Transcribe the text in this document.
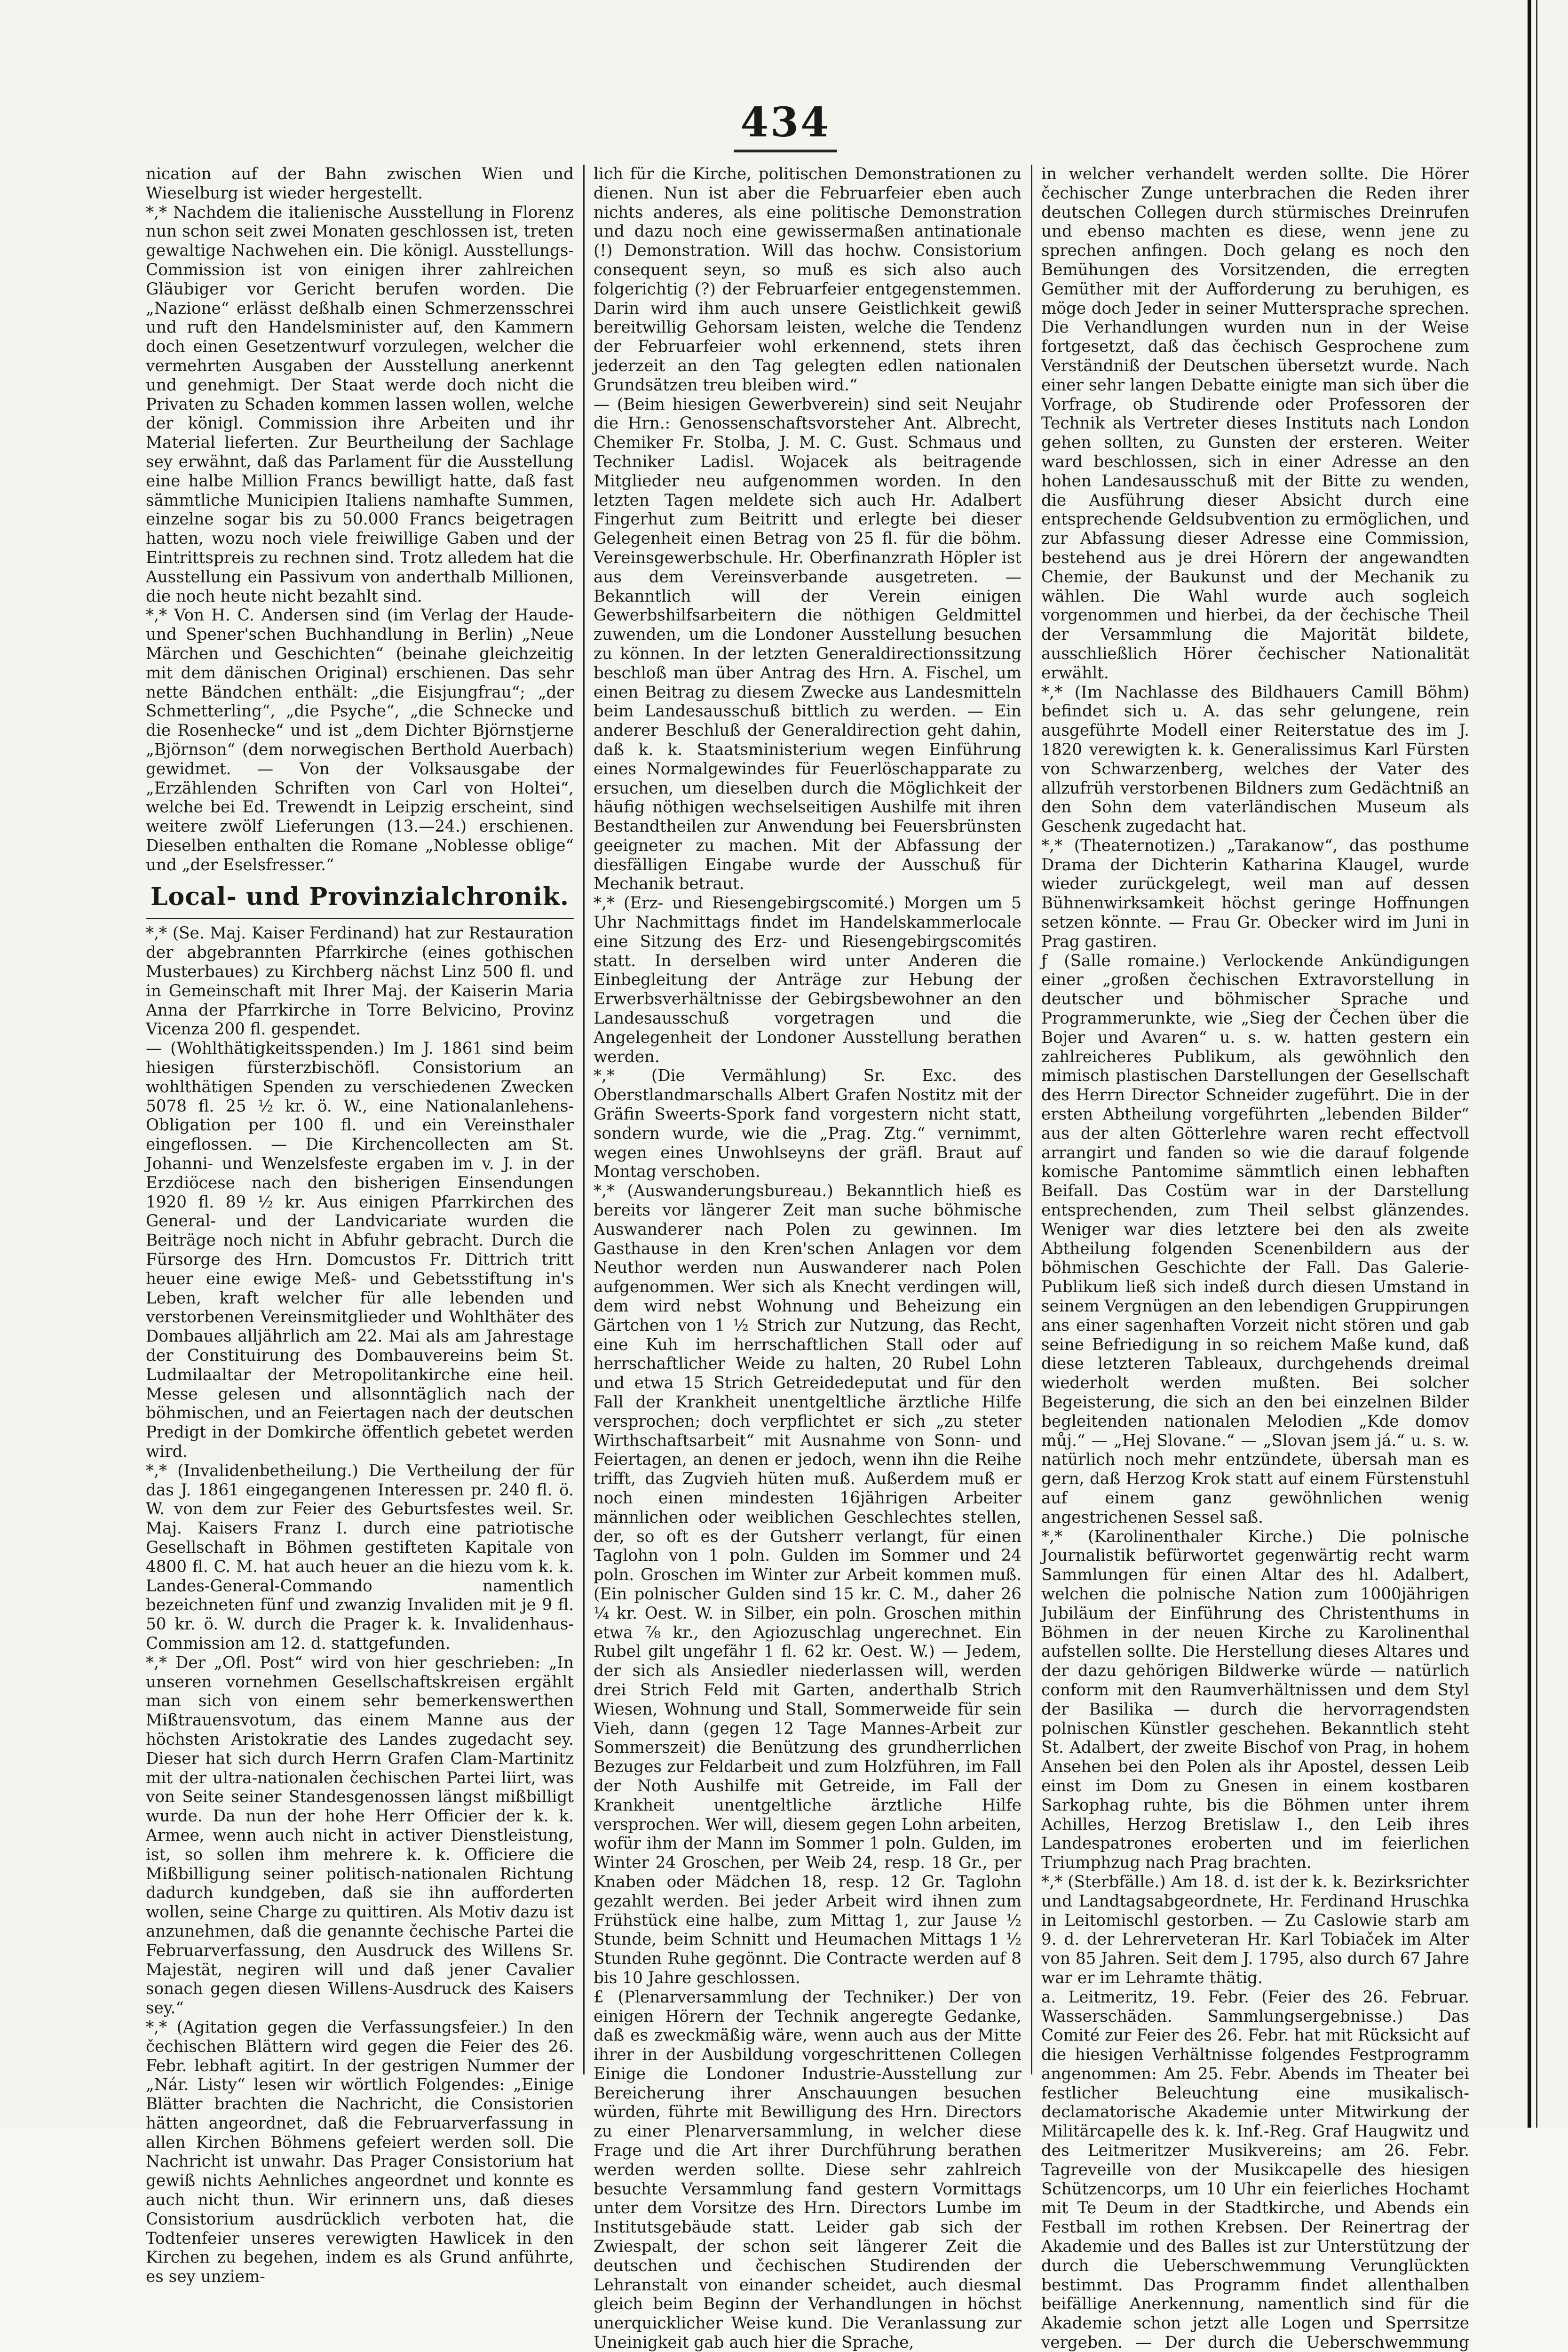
434

nication auf der Bahn zwischen Wien und Wieselburg ist wieder hergestellt.

*,* Nachdem die italienische Ausstellung in Florenz nun schon seit zwei Monaten geschlossen ist, treten gewaltige Nachwehen ein. Die königl. Ausstellungs-Commission ist von einigen ihrer zahlreichen Gläubiger vor Gericht berufen worden. Die „Nazione“ erlässt deßhalb einen Schmerzensschrei und ruft den Handelsminister auf, den Kammern doch einen Gesetzentwurf vorzulegen, welcher die vermehrten Ausgaben der Ausstellung anerkennt und genehmigt. Der Staat werde doch nicht die Privaten zu Schaden kommen lassen wollen, welche der königl. Commission ihre Arbeiten und ihr Material lieferten. Zur Beurtheilung der Sachlage sey erwähnt, daß das Parlament für die Ausstellung eine halbe Million Francs bewilligt hatte, daß fast sämmtliche Municipien Italiens namhafte Summen, einzelne sogar bis zu 50.000 Francs beigetragen hatten, wozu noch viele freiwillige Gaben und der Eintrittspreis zu rechnen sind. Trotz alledem hat die Ausstellung ein Passivum von anderthalb Millionen, die noch heute nicht bezahlt sind.

*,* Von H. C. Andersen sind (im Verlag der Haude- und Spener'schen Buchhandlung in Berlin) „Neue Märchen und Geschichten“ (beinahe gleichzeitig mit dem dänischen Original) erschienen. Das sehr nette Bändchen enthält: „die Eisjungfrau“; „der Schmetterling“, „die Psyche“, „die Schnecke und die Rosenhecke“ und ist „dem Dichter Björnstjerne „Björnson“ (dem norwegischen Berthold Auerbach) gewidmet. — Von der Volksausgabe der „Erzählenden Schriften von Carl von Holtei“, welche bei Ed. Trewendt in Leipzig erscheint, sind weitere zwölf Lieferungen (13.—24.) erschienen. Dieselben enthalten die Romane „Noblesse oblige“ und „der Eselsfresser.“

Local- und Provinzialchronik.

*,* (Se. Maj. Kaiser Ferdinand) hat zur Restauration der abgebrannten Pfarrkirche (eines gothischen Musterbaues) zu Kirchberg nächst Linz 500 fl. und in Gemeinschaft mit Ihrer Maj. der Kaiserin Maria Anna der Pfarrkirche in Torre Belvicino, Provinz Vicenza 200 fl. gespendet.

— (Wohlthätigkeitsspenden.) Im J. 1861 sind beim hiesigen fürsterzbischöfl. Consistorium an wohlthätigen Spenden zu verschiedenen Zwecken 5078 fl. 25 ½ kr. ö. W., eine Nationalanlehens-Obligation per 100 fl. und ein Vereinsthaler eingeflossen. — Die Kirchencollecten am St. Johanni- und Wenzelsfeste ergaben im v. J. in der Erzdiöcese nach den bisherigen Einsendungen 1920 fl. 89 ½ kr. Aus einigen Pfarrkirchen des General- und der Landvicariate wurden die Beiträge noch nicht in Abfuhr gebracht. Durch die Fürsorge des Hrn. Domcustos Fr. Dittrich tritt heuer eine ewige Meß- und Gebetsstiftung in's Leben, kraft welcher für alle lebenden und verstorbenen Vereinsmitglieder und Wohlthäter des Dombaues alljährlich am 22. Mai als am Jahrestage der Constituirung des Dombauvereins beim St. Ludmilaaltar der Metropolitankirche eine heil. Messe gelesen und allsonntäglich nach der böhmischen, und an Feiertagen nach der deutschen Predigt in der Domkirche öffentlich gebetet werden wird.

*,* (Invalidenbetheilung.) Die Vertheilung der für das J. 1861 eingegangenen Interessen pr. 240 fl. ö. W. von dem zur Feier des Geburtsfestes weil. Sr. Maj. Kaisers Franz I. durch eine patriotische Gesellschaft in Böhmen gestifteten Kapitale von 4800 fl. C. M. hat auch heuer an die hiezu vom k. k. Landes-General-Commando namentlich bezeichneten fünf und zwanzig Invaliden mit je 9 fl. 50 kr. ö. W. durch die Prager k. k. Invalidenhaus-Commission am 12. d. stattgefunden.

*,* Der „Ofl. Post“ wird von hier geschrieben: „In unseren vornehmen Gesellschaftskreisen ergählt man sich von einem sehr bemerkenswerthen Mißtrauensvotum, das einem Manne aus der höchsten Aristokratie des Landes zugedacht sey. Dieser hat sich durch Herrn Grafen Clam-Martinitz mit der ultra-nationalen čechischen Partei liirt, was von Seite seiner Standesgenossen längst mißbilligt wurde. Da nun der hohe Herr Officier der k. k. Armee, wenn auch nicht in activer Dienstleistung, ist, so sollen ihm mehrere k. k. Officiere die Mißbilligung seiner politisch-nationalen Richtung dadurch kundgeben, daß sie ihn aufforderten wollen, seine Charge zu quittiren. Als Motiv dazu ist anzunehmen, daß die genannte čechische Partei die Februarverfassung, den Ausdruck des Willens Sr. Majestät, negiren will und daß jener Cavalier sonach gegen diesen Willens-Ausdruck des Kaisers sey.“

*,* (Agitation gegen die Verfassungsfeier.) In den čechischen Blättern wird gegen die Feier des 26. Febr. lebhaft agitirt. In der gestrigen Nummer der „Nár. Listy“ lesen wir wörtlich Folgendes: „Einige Blätter brachten die Nachricht, die Consistorien hätten angeordnet, daß die Februarverfassung in allen Kirchen Böhmens gefeiert werden soll. Die Nachricht ist unwahr. Das Prager Consistorium hat gewiß nichts Aehnliches angeordnet und konnte es auch nicht thun. Wir erinnern uns, daß dieses Consistorium ausdrücklich verboten hat, die Todtenfeier unseres verewigten Hawlicek in den Kirchen zu begehen, indem es als Grund anführte, es sey unziem-

lich für die Kirche, politischen Demonstrationen zu dienen. Nun ist aber die Februarfeier eben auch nichts anderes, als eine politische Demonstration und dazu noch eine gewissermaßen antinationale (!) Demonstration. Will das hochw. Consistorium consequent seyn, so muß es sich also auch folgerichtig (?) der Februarfeier entgegenstemmen. Darin wird ihm auch unsere Geistlichkeit gewiß bereitwillig Gehorsam leisten, welche die Tendenz der Februarfeier wohl erkennend, stets ihren jederzeit an den Tag gelegten edlen nationalen Grundsätzen treu bleiben wird.“

— (Beim hiesigen Gewerbverein) sind seit Neujahr die Hrn.: Genossenschaftsvorsteher Ant. Albrecht, Chemiker Fr. Stolba, J. M. C. Gust. Schmaus und Techniker Ladisl. Wojacek als beitragende Mitglieder neu aufgenommen worden. In den letzten Tagen meldete sich auch Hr. Adalbert Fingerhut zum Beitritt und erlegte bei dieser Gelegenheit einen Betrag von 25 fl. für die böhm. Vereinsgewerbschule. Hr. Oberfinanzrath Höpler ist aus dem Vereinsverbande ausgetreten. — Bekanntlich will der Verein einigen Gewerbshilfsarbeitern die nöthigen Geldmittel zuwenden, um die Londoner Ausstellung besuchen zu können. In der letzten Generaldirectionssitzung beschloß man über Antrag des Hrn. A. Fischel, um einen Beitrag zu diesem Zwecke aus Landesmitteln beim Landesausschuß bittlich zu werden. — Ein anderer Beschluß der Generaldirection geht dahin, daß k. k. Staatsministerium wegen Einführung eines Normalgewindes für Feuerlöschapparate zu ersuchen, um dieselben durch die Möglichkeit der häufig nöthigen wechselseitigen Aushilfe mit ihren Bestandtheilen zur Anwendung bei Feuersbrünsten geeigneter zu machen. Mit der Abfassung der diesfälligen Eingabe wurde der Ausschuß für Mechanik betraut.

*,* (Erz- und Riesengebirgscomité.) Morgen um 5 Uhr Nachmittags findet im Handelskammerlocale eine Sitzung des Erz- und Riesengebirgscomités statt. In derselben wird unter Anderen die Einbegleitung der Anträge zur Hebung der Erwerbsverhältnisse der Gebirgsbewohner an den Landesausschuß vorgetragen und die Angelegenheit der Londoner Ausstellung berathen werden.

*,* (Die Vermählung) Sr. Exc. des Oberstlandmarschalls Albert Grafen Nostitz mit der Gräfin Sweerts-Spork fand vorgestern nicht statt, sondern wurde, wie die „Prag. Ztg.“ vernimmt, wegen eines Unwohlseyns der gräfl. Braut auf Montag verschoben.

*,* (Auswanderungsbureau.) Bekanntlich hieß es bereits vor längerer Zeit man suche böhmische Auswanderer nach Polen zu gewinnen. Im Gasthause in den Kren'schen Anlagen vor dem Neuthor werden nun Auswanderer nach Polen aufgenommen. Wer sich als Knecht verdingen will, dem wird nebst Wohnung und Beheizung ein Gärtchen von 1 ½ Strich zur Nutzung, das Recht, eine Kuh im herrschaftlichen Stall oder auf herrschaftlicher Weide zu halten, 20 Rubel Lohn und etwa 15 Strich Getreidedeputat und für den Fall der Krankheit unentgeltliche ärztliche Hilfe versprochen; doch verpflichtet er sich „zu steter Wirthschaftsarbeit“ mit Ausnahme von Sonn- und Feiertagen, an denen er jedoch, wenn ihn die Reihe trifft, das Zugvieh hüten muß. Außerdem muß er noch einen mindesten 16jährigen Arbeiter männlichen oder weiblichen Geschlechtes stellen, der, so oft es der Gutsherr verlangt, für einen Taglohn von 1 poln. Gulden im Sommer und 24 poln. Groschen im Winter zur Arbeit kommen muß. (Ein polnischer Gulden sind 15 kr. C. M., daher 26 ¼ kr. Oest. W. in Silber, ein poln. Groschen mithin etwa ⅞ kr., den Agiozuschlag ungerechnet. Ein Rubel gilt ungefähr 1 fl. 62 kr. Oest. W.) — Jedem, der sich als Ansiedler niederlassen will, werden drei Strich Feld mit Garten, anderthalb Strich Wiesen, Wohnung und Stall, Sommerweide für sein Vieh, dann (gegen 12 Tage Mannes-Arbeit zur Sommerszeit) die Benützung des grundherrlichen Bezuges zur Feldarbeit und zum Holzführen, im Fall der Noth Aushilfe mit Getreide, im Fall der Krankheit unentgeltliche ärztliche Hilfe versprochen. Wer will, diesem gegen Lohn arbeiten, wofür ihm der Mann im Sommer 1 poln. Gulden, im Winter 24 Groschen, per Weib 24, resp. 18 Gr., per Knaben oder Mädchen 18, resp. 12 Gr. Taglohn gezahlt werden. Bei jeder Arbeit wird ihnen zum Frühstück eine halbe, zum Mittag 1, zur Jause ½ Stunde, beim Schnitt und Heumachen Mittags 1 ½ Stunden Ruhe gegönnt. Die Contracte werden auf 8 bis 10 Jahre geschlossen.

£ (Plenarversammlung der Techniker.) Der von einigen Hörern der Technik angeregte Gedanke, daß es zweckmäßig wäre, wenn auch aus der Mitte ihrer in der Ausbildung vorgeschrittenen Collegen Einige die Londoner Industrie-Ausstellung zur Bereicherung ihrer Anschauungen besuchen würden, führte mit Bewilligung des Hrn. Directors zu einer Plenarversammlung, in welcher diese Frage und die Art ihrer Durchführung berathen werden werden sollte. Diese sehr zahlreich besuchte Versammlung fand gestern Vormittags unter dem Vorsitze des Hrn. Directors Lumbe im Institutsgebäude statt. Leider gab sich der Zwiespalt, der schon seit längerer Zeit die deutschen und čechischen Studirenden der Lehranstalt von einander scheidet, auch diesmal gleich beim Beginn der Verhandlungen in höchst unerquicklicher Weise kund. Die Veranlassung zur Uneinigkeit gab auch hier die Sprache,

in welcher verhandelt werden sollte. Die Hörer čechischer Zunge unterbrachen die Reden ihrer deutschen Collegen durch stürmisches Dreinrufen und ebenso machten es diese, wenn jene zu sprechen anfingen. Doch gelang es noch den Bemühungen des Vorsitzenden, die erregten Gemüther mit der Aufforderung zu beruhigen, es möge doch Jeder in seiner Muttersprache sprechen. Die Verhandlungen wurden nun in der Weise fortgesetzt, daß das čechisch Gesprochene zum Verständniß der Deutschen übersetzt wurde. Nach einer sehr langen Debatte einigte man sich über die Vorfrage, ob Studirende oder Professoren der Technik als Vertreter dieses Instituts nach London gehen sollten, zu Gunsten der ersteren. Weiter ward beschlossen, sich in einer Adresse an den hohen Landesausschuß mit der Bitte zu wenden, die Ausführung dieser Absicht durch eine entsprechende Geldsubvention zu ermöglichen, und zur Abfassung dieser Adresse eine Commission, bestehend aus je drei Hörern der angewandten Chemie, der Baukunst und der Mechanik zu wählen. Die Wahl wurde auch sogleich vorgenommen und hierbei, da der čechische Theil der Versammlung die Majorität bildete, ausschließlich Hörer čechischer Nationalität erwählt.

*,* (Im Nachlasse des Bildhauers Camill Böhm) befindet sich u. A. das sehr gelungene, rein ausgeführte Modell einer Reiterstatue des im J. 1820 verewigten k. k. Generalissimus Karl Fürsten von Schwarzenberg, welches der Vater des allzufrüh verstorbenen Bildners zum Gedächtniß an den Sohn dem vaterländischen Museum als Geschenk zugedacht hat.

*,* (Theaternotizen.) „Tarakanow“, das posthume Drama der Dichterin Katharina Klaugel, wurde wieder zurückgelegt, weil man auf dessen Bühnenwirksamkeit höchst geringe Hoffnungen setzen könnte. — Frau Gr. Obecker wird im Juni in Prag gastiren.

ƒ (Salle romaine.) Verlockende Ankündigungen einer „großen čechischen Extravorstellung in deutscher und böhmischer Sprache und Programmerunkte, wie „Sieg der Čechen über die Bojer und Avaren“ u. s. w. hatten gestern ein zahlreicheres Publikum, als gewöhnlich den mimisch plastischen Darstellungen der Gesellschaft des Herrn Director Schneider zugeführt. Die in der ersten Abtheilung vorgeführten „lebenden Bilder“ aus der alten Götterlehre waren recht effectvoll arrangirt und fanden so wie die darauf folgende komische Pantomime sämmtlich einen lebhaften Beifall. Das Costüm war in der Darstellung entsprechenden, zum Theil selbst glänzendes. Weniger war dies letztere bei den als zweite Abtheilung folgenden Scenenbildern aus der böhmischen Geschichte der Fall. Das Galerie-Publikum ließ sich indeß durch diesen Umstand in seinem Vergnügen an den lebendigen Gruppirungen ans einer sagenhaften Vorzeit nicht stören und gab seine Befriedigung in so reichem Maße kund, daß diese letzteren Tableaux, durchgehends dreimal wiederholt werden mußten. Bei solcher Begeisterung, die sich an den bei einzelnen Bilder begleitenden nationalen Melodien „Kde domov můj.“ — „Hej Slovane.“ — „Slovan jsem já.“ u. s. w. natürlich noch mehr entzündete, übersah man es gern, daß Herzog Krok statt auf einem Fürstenstuhl auf einem ganz gewöhnlichen wenig angestrichenen Sessel saß.

*,* (Karolinenthaler Kirche.) Die polnische Journalistik befürwortet gegenwärtig recht warm Sammlungen für einen Altar des hl. Adalbert, welchen die polnische Nation zum 1000jährigen Jubiläum der Einführung des Christenthums in Böhmen in der neuen Kirche zu Karolinenthal aufstellen sollte. Die Herstellung dieses Altares und der dazu gehörigen Bildwerke würde — natürlich conform mit den Raumverhältnissen und dem Styl der Basilika — durch die hervorragendsten polnischen Künstler geschehen. Bekanntlich steht St. Adalbert, der zweite Bischof von Prag, in hohem Ansehen bei den Polen als ihr Apostel, dessen Leib einst im Dom zu Gnesen in einem kostbaren Sarkophag ruhte, bis die Böhmen unter ihrem Achilles, Herzog Bretislaw I., den Leib ihres Landespatrones eroberten und im feierlichen Triumphzug nach Prag brachten.

*,* (Sterbfälle.) Am 18. d. ist der k. k. Bezirksrichter und Landtagsabgeordnete, Hr. Ferdinand Hruschka in Leitomischl gestorben. — Zu Caslowie starb am 9. d. der Lehrerveteran Hr. Karl Tobiaček im Alter von 85 Jahren. Seit dem J. 1795, also durch 67 Jahre war er im Lehramte thätig.

a. Leitmeritz, 19. Febr. (Feier des 26. Februar. Wasserschäden. Sammlungsergebnisse.) Das Comité zur Feier des 26. Febr. hat mit Rücksicht auf die hiesigen Verhältnisse folgendes Festprogramm angenommen: Am 25. Febr. Abends im Theater bei festlicher Beleuchtung eine musikalisch-declamatorische Akademie unter Mitwirkung der Militärcapelle des k. k. Inf.-Reg. Graf Haugwitz und des Leitmeritzer Musikvereins; am 26. Febr. Tagreveille von der Musikcapelle des hiesigen Schützencorps, um 10 Uhr ein feierliches Hochamt mit Te Deum in der Stadtkirche, und Abends ein Festball im rothen Krebsen. Der Reinertrag der Akademie und des Balles ist zur Unterstützung der durch die Ueberschwemmung Verunglückten bestimmt. Das Programm findet allenthalben beifällige Anerkennung, namentlich sind für die Akademie schon jetzt alle Logen und Sperrsitze vergeben. — Der durch die Ueberschwemmung
